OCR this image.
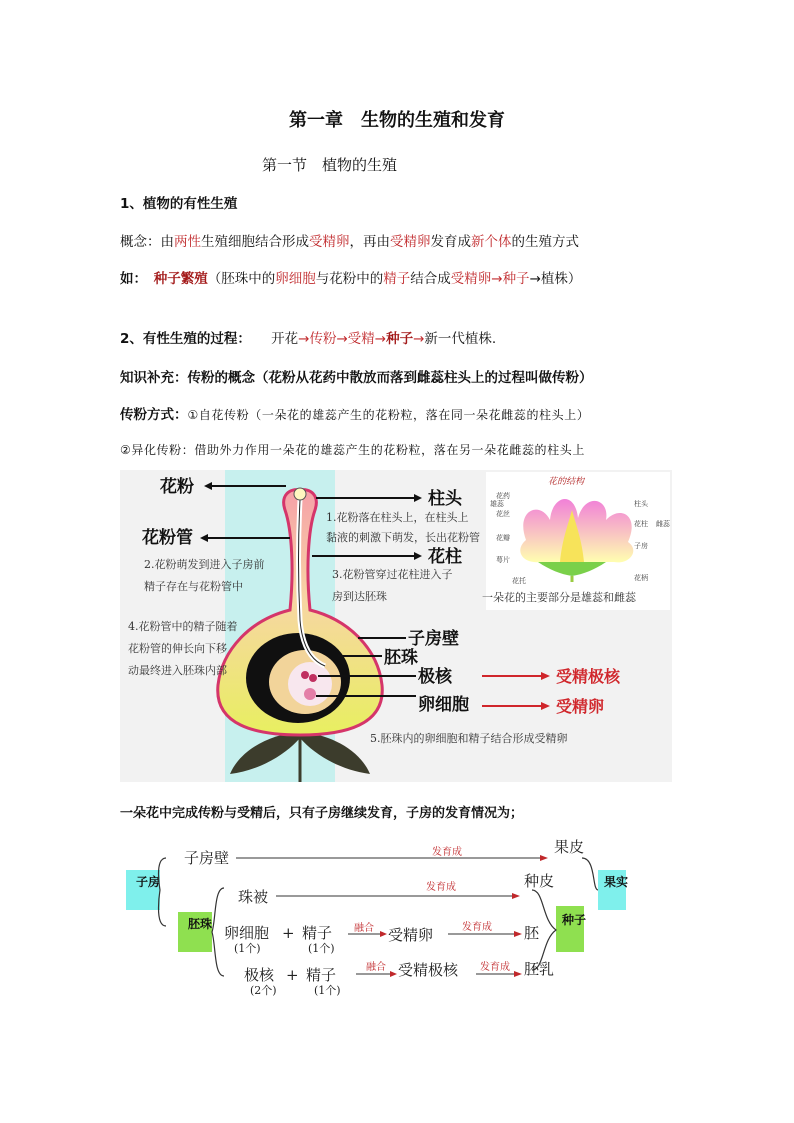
第一章　生物的生殖和发育
第一节　植物的生殖
1、植物的有性生殖
概念：由两性生殖细胞结合形成受精卵，再由受精卵发育成新个体的生殖方式
如：　种子繁殖（胚珠中的卵细胞与花粉中的精子结合成受精卵→种子→植株）
2、有性生殖的过程：　　开花→传粉→受精→种子→新一代植株.
知识补充：传粉的概念（花粉从花药中散放而落到雌蕊柱头上的过程叫做传粉）
传粉方式：①自花传粉（一朵花的雄蕊产生的花粉粒，落在同一朵花雌蕊的柱头上）
②异化传粉：借助外力作用一朵花的雄蕊产生的花粉粒，落在另一朵花雌蕊的柱头上
花粉
花粉管
柱头
花柱
子房壁
胚珠
极核
卵细胞
受精极核
受精卵
1.花粉落在柱头上，在柱头上
黏液的刺激下萌发，长出花粉管
2.花粉萌发到进入子房前
精子存在与花粉管中
3.花粉管穿过花柱进入子
房到达胚珠
4.花粉管中的精子随着
花粉管的伸长向下移
动最终进入胚珠内部
5.胚珠内的卵细胞和精子结合形成受精卵
花的结构
花药
花丝
花瓣
萼片
花托
雄蕊	柱头
花柱
子房
花柄
雌蕊
一朵花的主要部分是雄蕊和雌蕊
一朵花中完成传粉与受精后，只有子房继续发育，子房的发育情况为；
子房
胚珠	种子
果实
子房壁
珠被
卵细胞
(1个)
+ 精子
(1个)
融合 受精卵
极核
(2个)
+ 精子
(1个)
融合 受精极核
发育成
发育成
发育成
发育成
果皮
种皮
胚
胚乳
